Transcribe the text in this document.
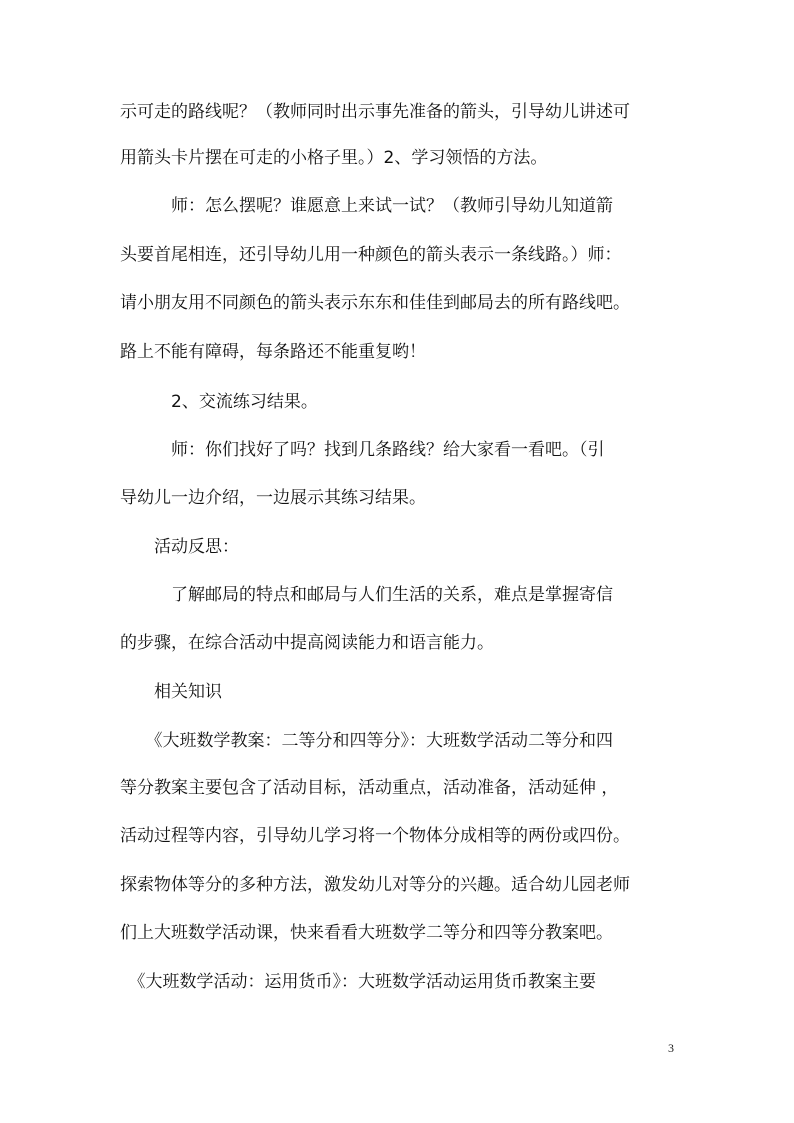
示可走的路线呢？（教师同时出示事先准备的箭头，引导幼儿讲述可
用箭头卡片摆在可走的小格子里。）2、学习领悟的方法。
　　　师：怎么摆呢？谁愿意上来试一试？（教师引导幼儿知道箭
头要首尾相连，还引导幼儿用一种颜色的箭头表示一条线路。）师：
请小朋友用不同颜色的箭头表示东东和佳佳到邮局去的所有路线吧。
路上不能有障碍，每条路还不能重复哟！
　　　2、交流练习结果。
　　　师：你们找好了吗？找到几条路线？给大家看一看吧。（引
导幼儿一边介绍，一边展示其练习结果。
　　活动反思：
　　　了解邮局的特点和邮局与人们生活的关系，难点是掌握寄信
的步骤，在综合活动中提高阅读能力和语言能力。
　　相关知识
　　《大班数学教案：二等分和四等分》：大班数学活动二等分和四
等分教案主要包含了活动目标，活动重点，活动准备，活动延伸 ，
活动过程等内容，引导幼儿学习将一个物体分成相等的两份或四份。
探索物体等分的多种方法，激发幼儿对等分的兴趣。适合幼儿园老师
们上大班数学活动课，快来看看大班数学二等分和四等分教案吧。
　《大班数学活动：运用货币》：大班数学活动运用货币教案主要
3
